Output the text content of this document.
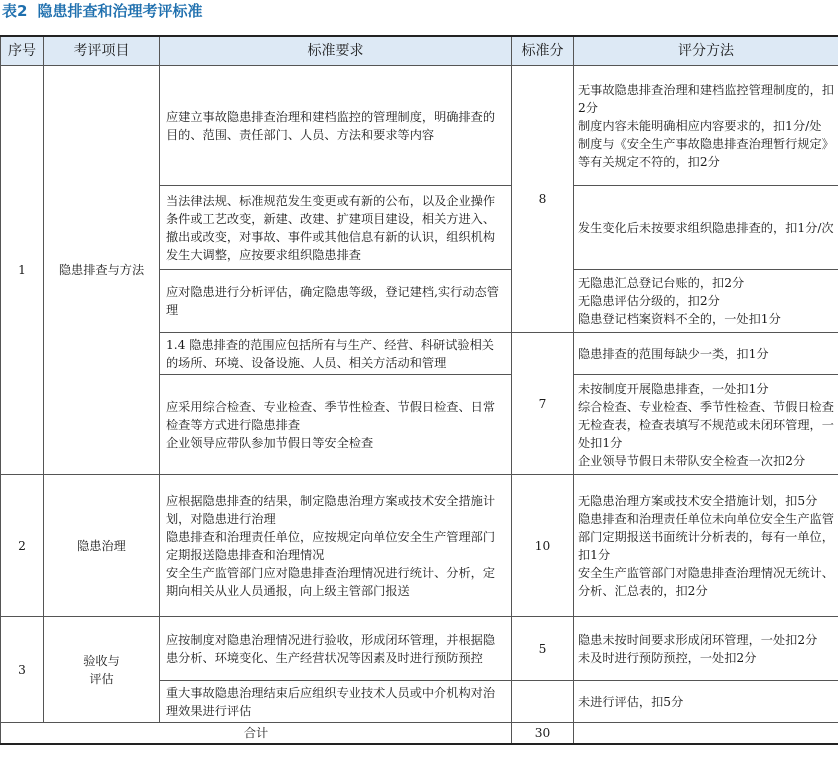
表2 隐患排查和治理考评标准
序号	考评项目	标准要求	标准分	评分方法
1	隐患排查与方法	应建立事故隐患排查治理和建档监控的管理制度，明确排查的目的、范围、责任部门、人员、方法和要求等内容	8	无事故隐患排查治理和建档监控管理制度的，扣2分
制度内容未能明确相应内容要求的，扣1分/处
制度与《安全生产事故隐患排查治理暂行规定》等有关规定不符的，扣2分

		当法律法规、标准规范发生变更或有新的公布，以及企业操作条件或工艺改变，新建、改建、扩建项目建设，相关方进入、撤出或改变，对事故、事件或其他信息有新的认识，组织机构发生大调整，应按要求组织隐患排查		发生变化后未按要求组织隐患排查的，扣1分/次

		应对隐患进行分析评估，确定隐患等级，登记建档,实行动态管理		无隐患汇总登记台账的，扣2分
无隐患评估分级的，扣2分
隐患登记档案资料不全的，一处扣1分

		1.4 隐患排查的范围应包括所有与生产、经营、科研试验相关的场所、环境、设备设施、人员、相关方活动和管理	7	隐患排查的范围每缺少一类，扣1分

		应采用综合检查、专业检查、季节性检查、节假日检查、日常检查等方式进行隐患排查
企业领导应带队参加节假日等安全检查		未按制度开展隐患排查，一处扣1分
综合检查、专业检查、季节性检查、节假日检查无检查表，检查表填写不规范或未闭环管理，一处扣1分
企业领导节假日未带队安全检查一次扣2分

2	隐患治理	应根据隐患排查的结果，制定隐患治理方案或技术安全措施计划，对隐患进行治理
隐患排查和治理责任单位，应按规定向单位安全生产管理部门定期报送隐患排查和治理情况
安全生产监管部门应对隐患排查治理情况进行统计、分析，定期向相关从业人员通报，向上级主管部门报送	10	无隐患治理方案或技术安全措施计划，扣5分
隐患排查和治理责任单位未向单位安全生产监管部门定期报送书面统计分析表的，每有一单位，扣1分
安全生产监管部门对隐患排查治理情况无统计、分析、汇总表的，扣2分

3	验收与
评估	应按制度对隐患治理情况进行验收，形成闭环管理，并根据隐患分析、环境变化、生产经营状况等因素及时进行预防预控	5	隐患未按时间要求形成闭环管理，一处扣2分
未及时进行预防预控，一处扣2分

		重大事故隐患治理结束后应组织专业技术人员或中介机构对治理效果进行评估		未进行评估，扣5分

合计			30	
